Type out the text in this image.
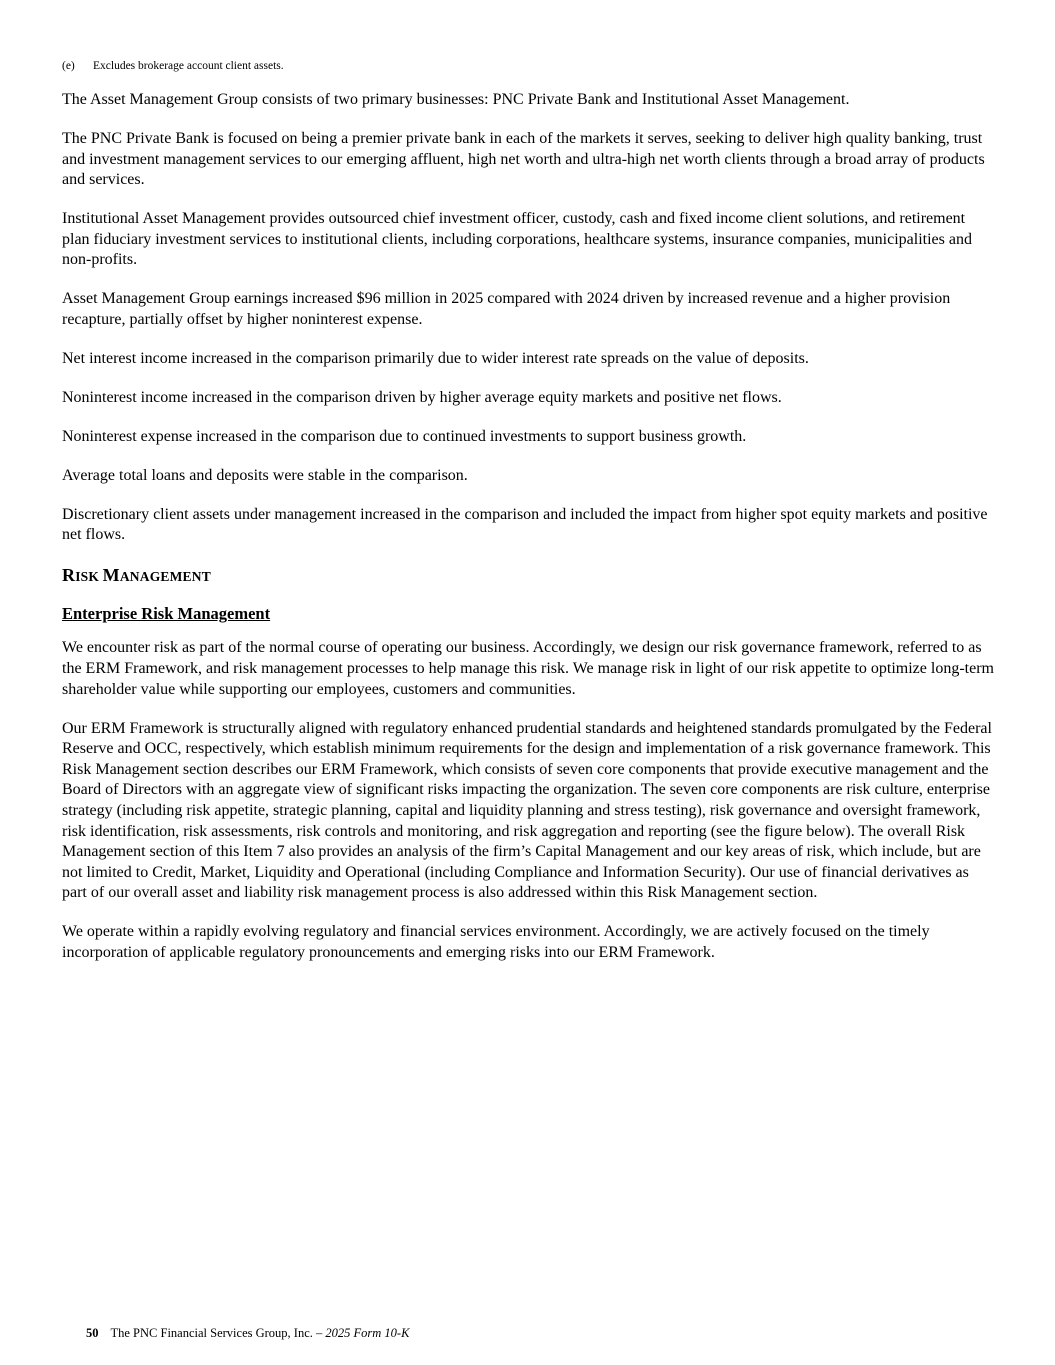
(e)	Excludes brokerage account client assets.

The Asset Management Group consists of two primary businesses: PNC Private Bank and Institutional Asset Management.

The PNC Private Bank is focused on being a premier private bank in each of the markets it serves, seeking to deliver high quality banking, trust and investment management services to our emerging affluent, high net worth and ultra-high net worth clients through a broad array of products and services.

Institutional Asset Management provides outsourced chief investment officer, custody, cash and fixed income client solutions, and retirement plan fiduciary investment services to institutional clients, including corporations, healthcare systems, insurance companies, municipalities and non-profits.

Asset Management Group earnings increased $96 million in 2025 compared with 2024 driven by increased revenue and a higher provision recapture, partially offset by higher noninterest expense.

Net interest income increased in the comparison primarily due to wider interest rate spreads on the value of deposits.

Noninterest income increased in the comparison driven by higher average equity markets and positive net flows.

Noninterest expense increased in the comparison due to continued investments to support business growth.

Average total loans and deposits were stable in the comparison.

Discretionary client assets under management increased in the comparison and included the impact from higher spot equity markets and positive net flows.

RISK MANAGEMENT
Enterprise Risk Management

We encounter risk as part of the normal course of operating our business. Accordingly, we design our risk governance framework, referred to as the ERM Framework, and risk management processes to help manage this risk. We manage risk in light of our risk appetite to optimize long-term shareholder value while supporting our employees, customers and communities.

Our ERM Framework is structurally aligned with regulatory enhanced prudential standards and heightened standards promulgated by the Federal Reserve and OCC, respectively, which establish minimum requirements for the design and implementation of a risk governance framework. This Risk Management section describes our ERM Framework, which consists of seven core components that provide executive management and the Board of Directors with an aggregate view of significant risks impacting the organization. The seven core components are risk culture, enterprise strategy (including risk appetite, strategic planning, capital and liquidity planning and stress testing), risk governance and oversight framework, risk identification, risk assessments, risk controls and monitoring, and risk aggregation and reporting (see the figure below). The overall Risk Management section of this Item 7 also provides an analysis of the firm’s Capital Management and our key areas of risk, which include, but are not limited to Credit, Market, Liquidity and Operational (including Compliance and Information Security). Our use of financial derivatives as part of our overall asset and liability risk management process is also addressed within this Risk Management section.

We operate within a rapidly evolving regulatory and financial services environment. Accordingly, we are actively focused on the timely incorporation of applicable regulatory pronouncements and emerging risks into our ERM Framework.

50 The PNC Financial Services Group, Inc. – 2025 Form 10-K
